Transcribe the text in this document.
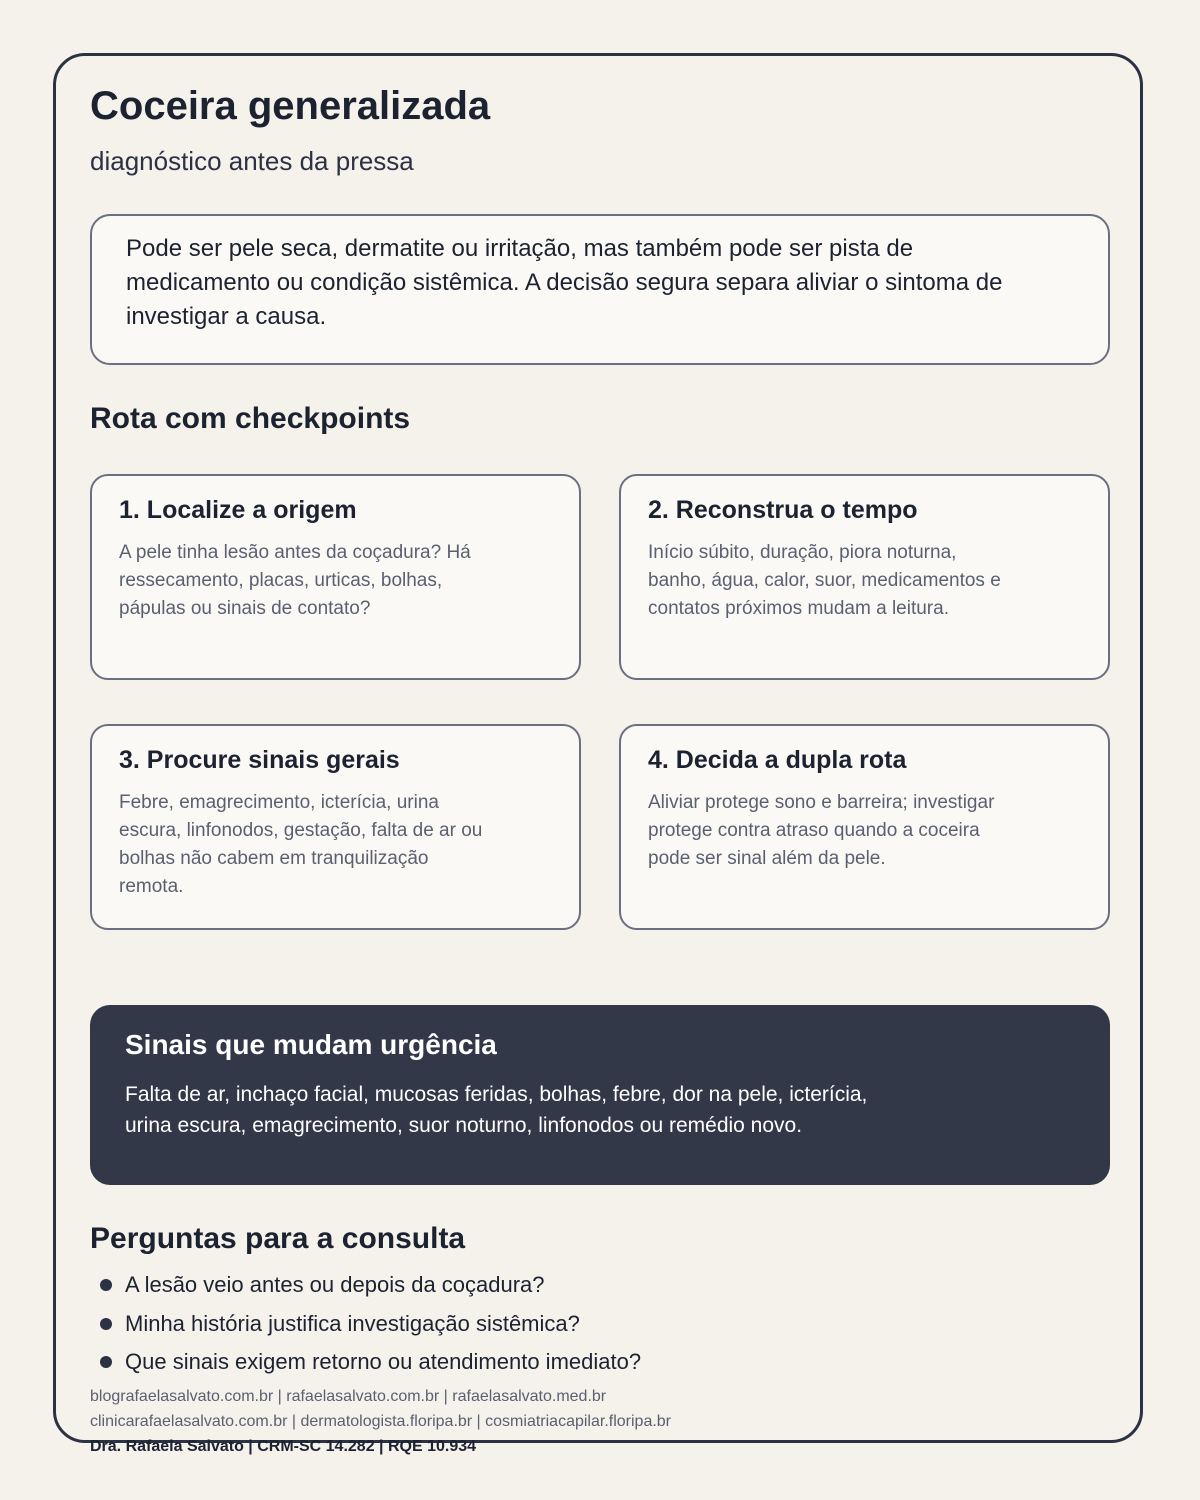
Coceira generalizada

diagnóstico antes da pressa

Pode ser pele seca, dermatite ou irritação, mas também pode ser pista de medicamento ou condição sistêmica. A decisão segura separa aliviar o sintoma de investigar a causa.

Rota com checkpoints
1. Localize a origem

A pele tinha lesão antes da coçadura? Há ressecamento, placas, urticas, bolhas, pápulas ou sinais de contato?

2. Reconstrua o tempo

Início súbito, duração, piora noturna, banho, água, calor, suor, medicamentos e contatos próximos mudam a leitura.

3. Procure sinais gerais

Febre, emagrecimento, icterícia, urina escura, linfonodos, gestação, falta de ar ou bolhas não cabem em tranquilização remota.

4. Decida a dupla rota

Aliviar protege sono e barreira; investigar protege contra atraso quando a coceira pode ser sinal além da pele.

Sinais que mudam urgência

Falta de ar, inchaço facial, mucosas feridas, bolhas, febre, dor na pele, icterícia, urina escura, emagrecimento, suor noturno, linfonodos ou remédio novo.

Perguntas para a consulta
A lesão veio antes ou depois da coçadura?
Minha história justifica investigação sistêmica?
Que sinais exigem retorno ou atendimento imediato?
blografaelasalvato.com.br | rafaelasalvato.com.br | rafaelasalvato.med.br
clinicarafaelasalvato.com.br | dermatologista.floripa.br | cosmiatriacapilar.floripa.br
Dra. Rafaela Salvato | CRM-SC 14.282 | RQE 10.934
